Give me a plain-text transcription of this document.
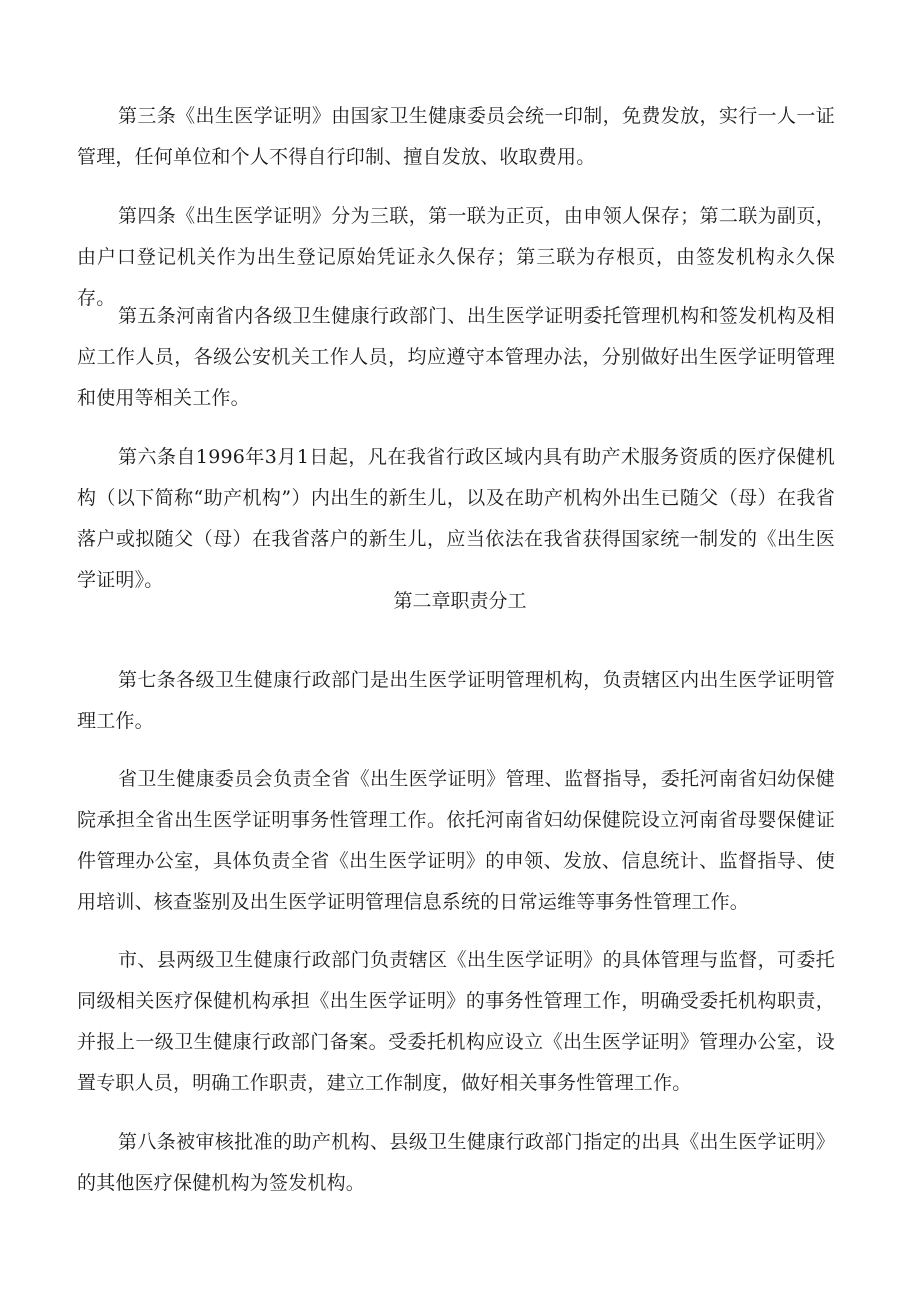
第三条《出生医学证明》由国家卫生健康委员会统一印制，免费发放，实行一人一证管理，任何单位和个人不得自行印制、擅自发放、收取费用。

第四条《出生医学证明》分为三联，第一联为正页，由申领人保存；第二联为副页，由户口登记机关作为出生登记原始凭证永久保存；第三联为存根页，由签发机构永久保存。

第五条河南省内各级卫生健康行政部门、出生医学证明委托管理机构和签发机构及相应工作人员，各级公安机关工作人员，均应遵守本管理办法，分别做好出生医学证明管理和使用等相关工作。

第六条自1996年3月1日起，凡在我省行政区域内具有助产术服务资质的医疗保健机构（以下简称“助产机构”）内出生的新生儿，以及在助产机构外出生已随父（母）在我省落户或拟随父（母）在我省落户的新生儿，应当依法在我省获得国家统一制发的《出生医学证明》。

第二章职责分工

第七条各级卫生健康行政部门是出生医学证明管理机构，负责辖区内出生医学证明管理工作。

省卫生健康委员会负责全省《出生医学证明》管理、监督指导，委托河南省妇幼保健院承担全省出生医学证明事务性管理工作。依托河南省妇幼保健院设立河南省母婴保健证件管理办公室，具体负责全省《出生医学证明》的申领、发放、信息统计、监督指导、使用培训、核查鉴别及出生医学证明管理信息系统的日常运维等事务性管理工作。

市、县两级卫生健康行政部门负责辖区《出生医学证明》的具体管理与监督，可委托同级相关医疗保健机构承担《出生医学证明》的事务性管理工作，明确受委托机构职责，并报上一级卫生健康行政部门备案。受委托机构应设立《出生医学证明》管理办公室，设置专职人员，明确工作职责，建立工作制度，做好相关事务性管理工作。

第八条被审核批准的助产机构、县级卫生健康行政部门指定的出具《出生医学证明》的其他医疗保健机构为签发机构。
